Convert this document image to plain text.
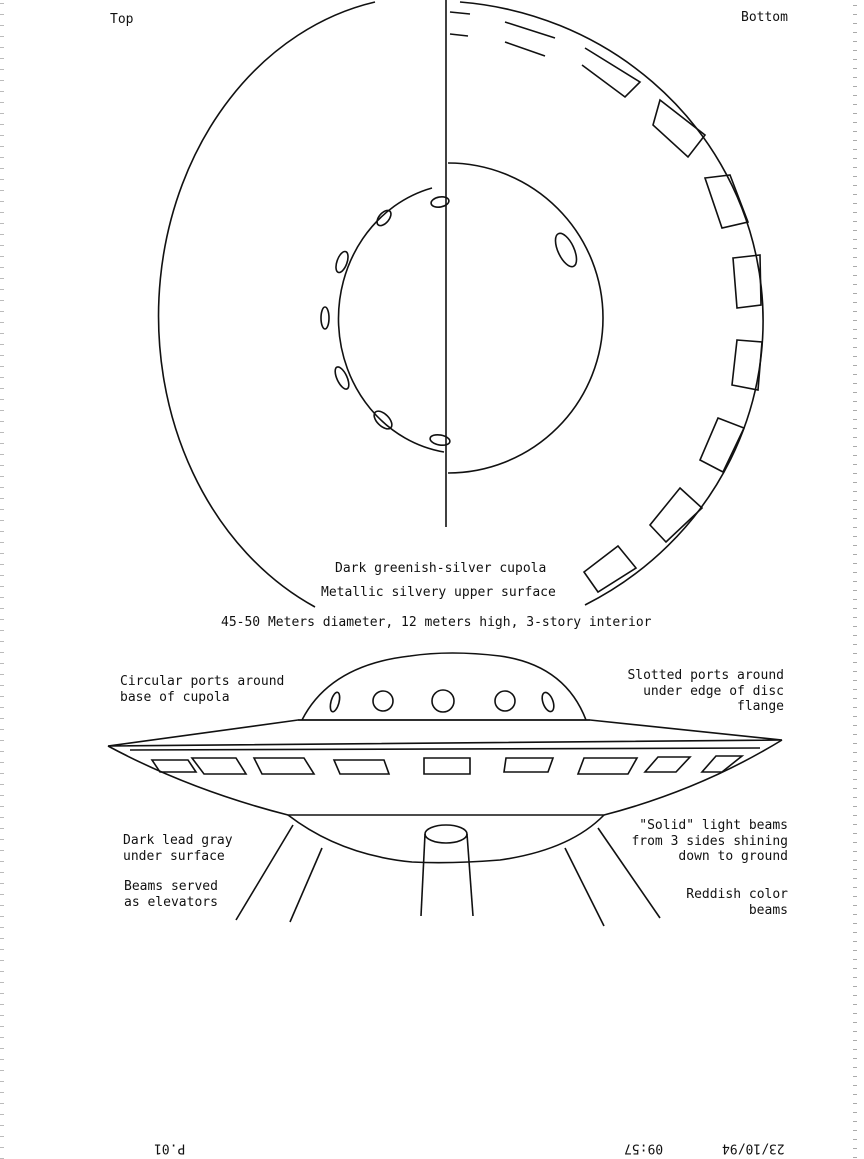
Top	Bottom
Dark greenish-silver cupola
Metallic silvery upper surface
45-50 Meters diameter, 12 meters high, 3-story interior
Circular ports around
base of cupola
Slotted ports around
under edge of disc
flange
Dark lead gray
under surface
Beams served
as elevators
"Solid" light beams
from 3 sides shining
down to ground
Reddish color
beams
P.01	09:57	23/10/94
